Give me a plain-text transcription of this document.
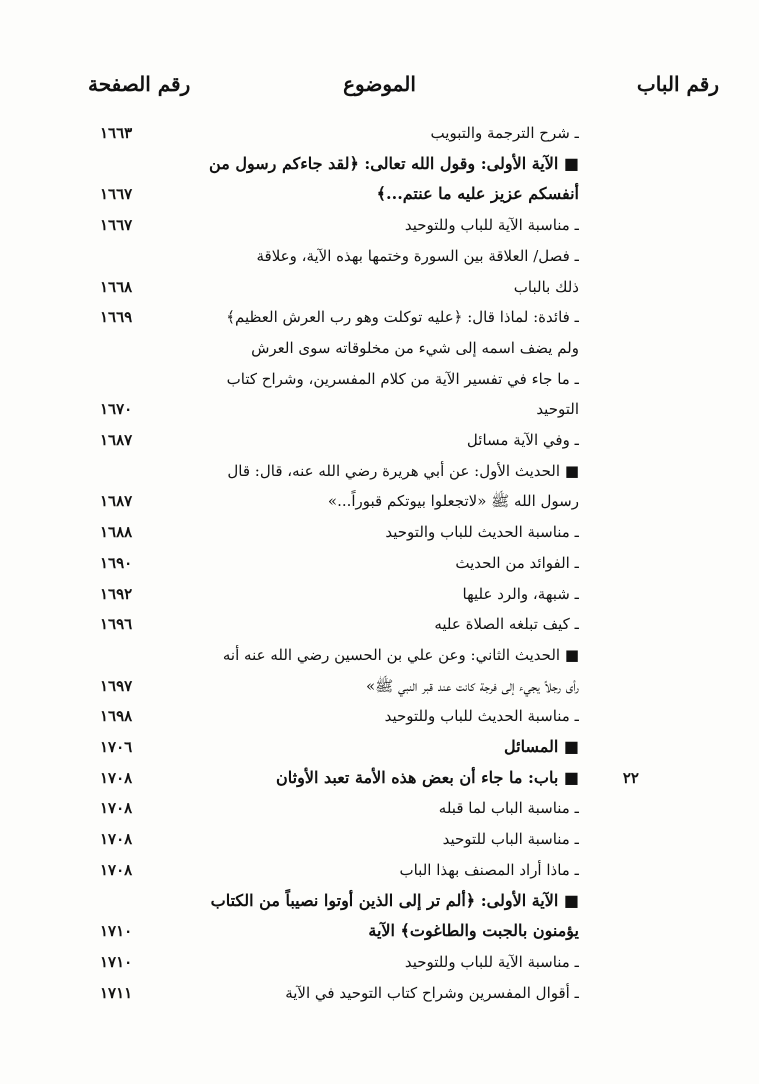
رقم الباب
الموضوع
رقم الصفحة
ـ شرح الترجمة والتبويب
١٦٦٣
■ الآية الأولى: وقول الله تعالى: ﴿لقد جاءكم رسول من
أنفسكم عزيز عليه ما عنتم...﴾
١٦٦٧
ـ مناسبة الآية للباب وللتوحيد
١٦٦٧
ـ فصل/ العلاقة بين السورة وختمها بهذه الآية، وعلاقة
ذلك بالباب
١٦٦٨
ـ فائدة: لماذا قال: ﴿عليه توكلت وهو رب العرش العظيم﴾
١٦٦٩
ولم يضف اسمه إلى شيء من مخلوقاته سوى العرش
ـ ما جاء في تفسير الآية من كلام المفسرين، وشراح كتاب
التوحيد
١٦٧٠
ـ وفي الآية مسائل
١٦٨٧
■ الحديث الأول: عن أبي هريرة رضي الله عنه، قال: قال
رسول الله ﷺ «لاتجعلوا بيوتكم قبوراً...»
١٦٨٧
ـ مناسبة الحديث للباب والتوحيد
١٦٨٨
ـ الفوائد من الحديث
١٦٩٠
ـ شبهة، والرد عليها
١٦٩٢
ـ كيف تبلغه الصلاة عليه
١٦٩٦
■ الحديث الثاني: وعن علي بن الحسين رضي الله عنه أنه
رأى رجلاً يجيء إلى فرجة كانت عند قبر النبي ﷺ»
١٦٩٧
ـ مناسبة الحديث للباب وللتوحيد
١٦٩٨
■ المسائل
١٧٠٦
■ باب: ما جاء أن بعض هذه الأمة تعبد الأوثان
١٧٠٨	٢٢
ـ مناسبة الباب لما قبله
١٧٠٨
ـ مناسبة الباب للتوحيد
١٧٠٨
ـ ماذا أراد المصنف بهذا الباب
١٧٠٨
■ الآية الأولى: ﴿ألم تر إلى الذين أوتوا نصيباً من الكتاب
يؤمنون بالجبت والطاغوت﴾ الآية
١٧١٠
ـ مناسبة الآية للباب وللتوحيد
١٧١٠
ـ أقوال المفسرين وشراح كتاب التوحيد في الآية
١٧١١
